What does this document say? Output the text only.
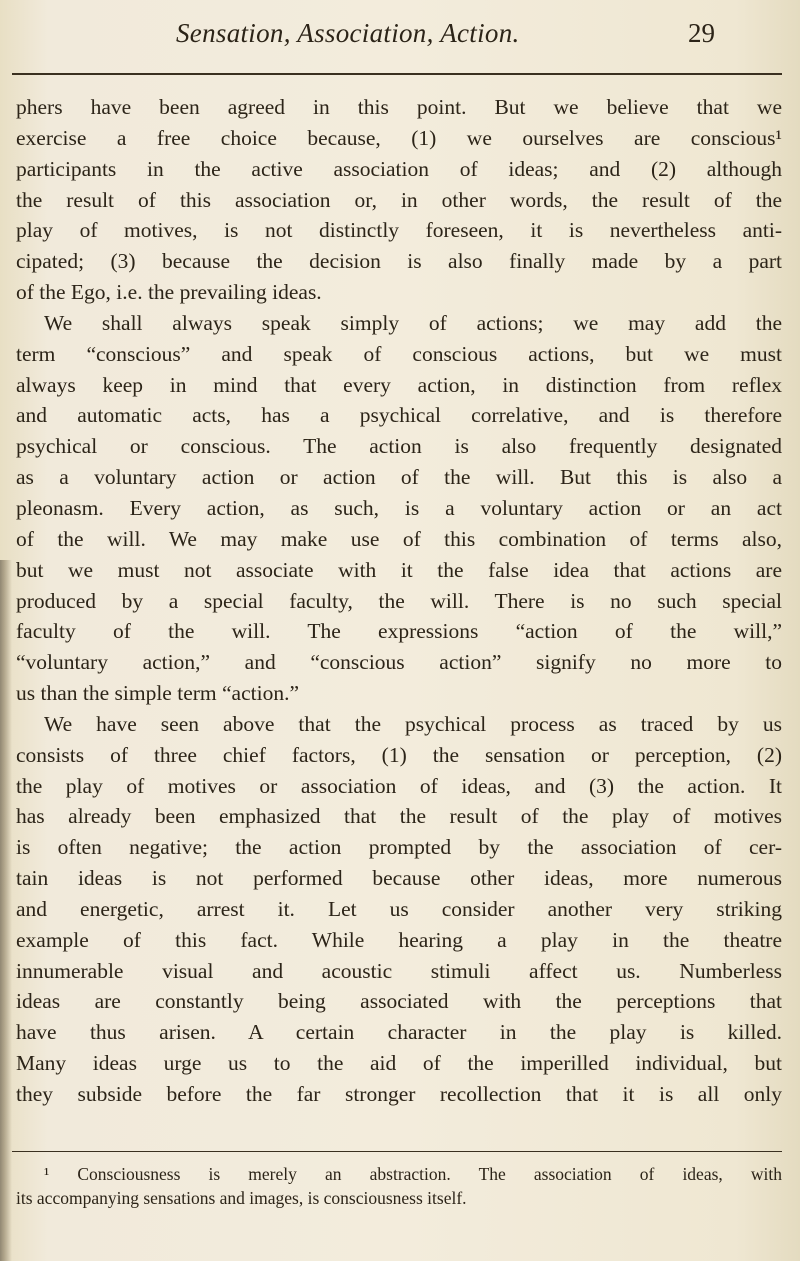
Sensation, Association, Action.	29
phers have been agreed in this point. But we believe that we
exercise a free choice because, (1) we ourselves are conscious¹
participants in the active association of ideas; and (2) although
the result of this association or, in other words, the result of the
play of motives, is not distinctly foreseen, it is nevertheless anti-
cipated; (3) because the decision is also finally made by a part
of the Ego, i.e. the prevailing ideas.
We shall always speak simply of actions; we may add the
term “conscious” and speak of conscious actions, but we must
always keep in mind that every action, in distinction from reflex
and automatic acts, has a psychical correlative, and is therefore
psychical or conscious. The action is also frequently designated
as a voluntary action or action of the will. But this is also a
pleonasm. Every action, as such, is a voluntary action or an act
of the will. We may make use of this combination of terms also,
but we must not associate with it the false idea that actions are
produced by a special faculty, the will. There is no such special
faculty of the will. The expressions “action of the will,”
“voluntary action,” and “conscious action” signify no more to
us than the simple term “action.”
We have seen above that the psychical process as traced by us
consists of three chief factors, (1) the sensation or perception, (2)
the play of motives or association of ideas, and (3) the action. It
has already been emphasized that the result of the play of motives
is often negative; the action prompted by the association of cer-
tain ideas is not performed because other ideas, more numerous
and energetic, arrest it. Let us consider another very striking
example of this fact. While hearing a play in the theatre
innumerable visual and acoustic stimuli affect us. Numberless
ideas are constantly being associated with the perceptions that
have thus arisen. A certain character in the play is killed.
Many ideas urge us to the aid of the imperilled individual, but
they subside before the far stronger recollection that it is all only
¹ Consciousness is merely an abstraction. The association of ideas, with
its accompanying sensations and images, is consciousness itself.
